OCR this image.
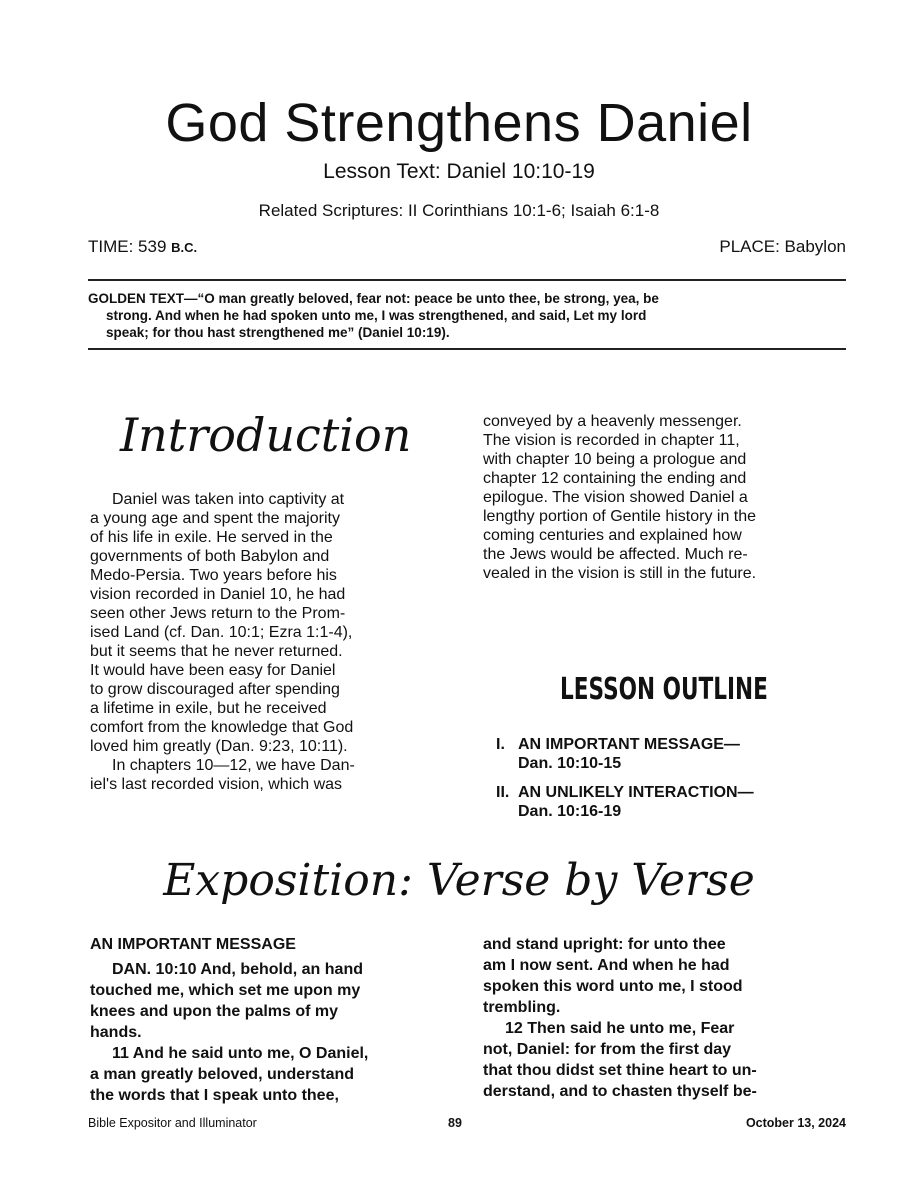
God Strengthens Daniel
Lesson Text: Daniel 10:10-19
Related Scriptures: II Corinthians 10:1-6; Isaiah 6:1-8
TIME: 539 B.C.	PLACE: Babylon
GOLDEN TEXT—“O man greatly beloved, fear not: peace be unto thee, be strong, yea, be
strong. And when he had spoken unto me, I was strengthened, and said, Let my lord
speak; for thou hast strengthened me” (Daniel 10:19).
Introduction
Daniel was taken into captivity at
a young age and spent the majority
of his life in exile. He served in the
governments of both Babylon and
Medo-Persia. Two years before his
vision recorded in Daniel 10, he had
seen other Jews return to the Prom-
ised Land (cf. Dan. 10:1; Ezra 1:1-4),
but it seems that he never returned.
It would have been easy for Daniel
to grow discouraged after spending
a lifetime in exile, but he received
comfort from the knowledge that God
loved him greatly (Dan. 9:23, 10:11).
In chapters 10—12, we have Dan-
iel's last recorded vision, which was
conveyed by a heavenly messenger.
The vision is recorded in chapter 11,
with chapter 10 being a prologue and
chapter 12 containing the ending and
epilogue. The vision showed Daniel a
lengthy portion of Gentile history in the
coming centuries and explained how
the Jews would be affected. Much re-
vealed in the vision is still in the future.
LESSON OUTLINE
I. AN IMPORTANT MESSAGE—
Dan. 10:10-15
II. AN UNLIKELY INTERACTION—
Dan. 10:16-19
Exposition: Verse by Verse
AN IMPORTANT MESSAGE
DAN. 10:10 And, behold, an hand
touched me, which set me upon my
knees and upon the palms of my
hands.
11 And he said unto me, O Daniel,
a man greatly beloved, understand
the words that I speak unto thee,
and stand upright: for unto thee
am I now sent. And when he had
spoken this word unto me, I stood
trembling.
12 Then said he unto me, Fear
not, Daniel: for from the first day
that thou didst set thine heart to un-
derstand, and to chasten thyself be-
Bible Expositor and Illuminator	89	October 13, 2024
